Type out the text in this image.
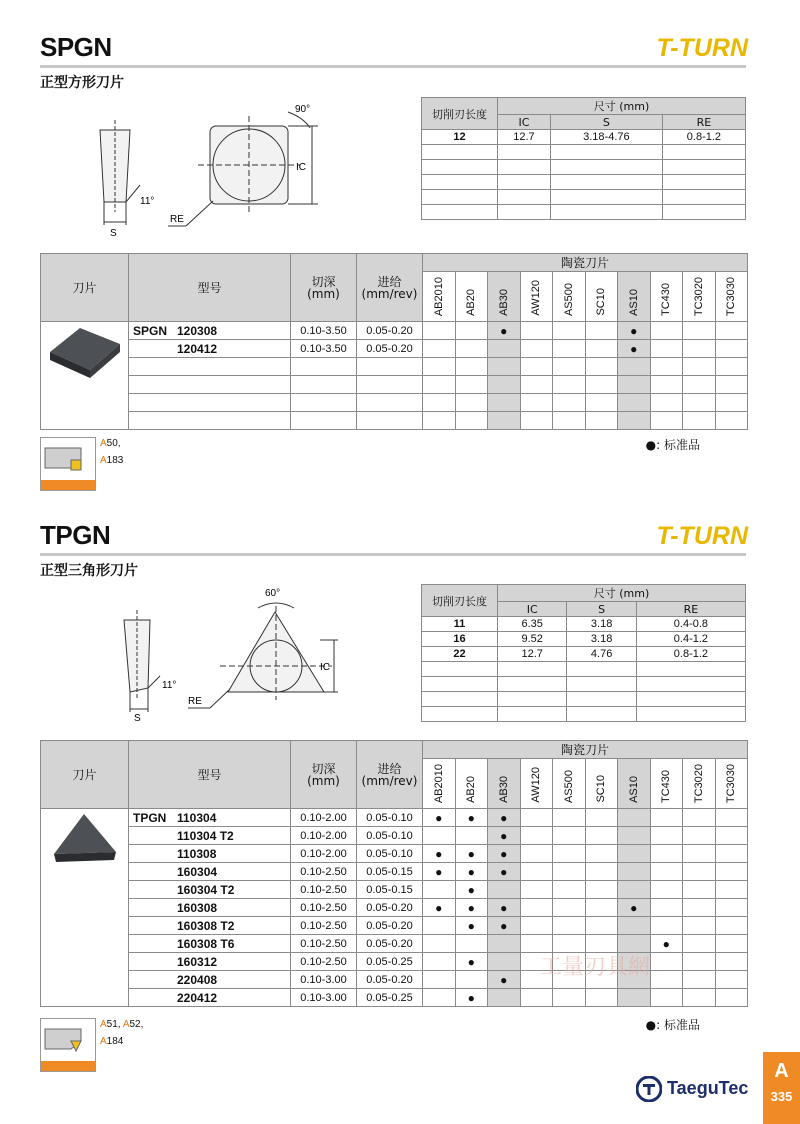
SPGN	T-TURN
正型方形刀片
90°
11°
IC
S
RE
切削刃长度	尺寸 (mm)		
	IC	S	RE
12	12.7	3.18-4.76	0.8-1.2

刀片	型号	切深
(mm)	进给
(mm/rev)	陶瓷刀片									
				AB2010	AB20	AB30	AW120	AS500	SC10	AS10	TC430	TC3020	TC3030
	SPGN 120308	0.10-3.50	0.05-0.20			●				●			
	120412	0.10-3.50	0.05-0.20							●			

A50,
A183
●: 标准品
TPGN	T-TURN
正型三角形刀片
60°
11°
IC
S
RE
切削刃长度	尺寸 (mm)		
	IC	S	RE
11	6.35	3.18	0.4-0.8
16	9.52	3.18	0.4-1.2
22	12.7	4.76	0.8-1.2

刀片	型号	切深
(mm)	进给
(mm/rev)	陶瓷刀片									
				AB2010	AB20	AB30	AW120	AS500	SC10	AS10	TC430	TC3020	TC3030
	TPGN 110304	0.10-2.00	0.05-0.10	●	●	●							
	110304 T2	0.10-2.00	0.05-0.10			●							
	110308	0.10-2.00	0.05-0.10	●	●	●							
	160304	0.10-2.50	0.05-0.15	●	●	●							
	160304 T2	0.10-2.50	0.05-0.15		●								
	160308	0.10-2.50	0.05-0.20	●	●	●				●			
	160308 T2	0.10-2.50	0.05-0.20		●	●							
	160308 T6	0.10-2.50	0.05-0.20								●		
	160312	0.10-2.50	0.05-0.25		●								
	220408	0.10-3.00	0.05-0.20			●							
	220412	0.10-3.00	0.05-0.25		●								
A51, A52,
A184
●: 标准品
工量刃具網
TaeguTec
A
335
